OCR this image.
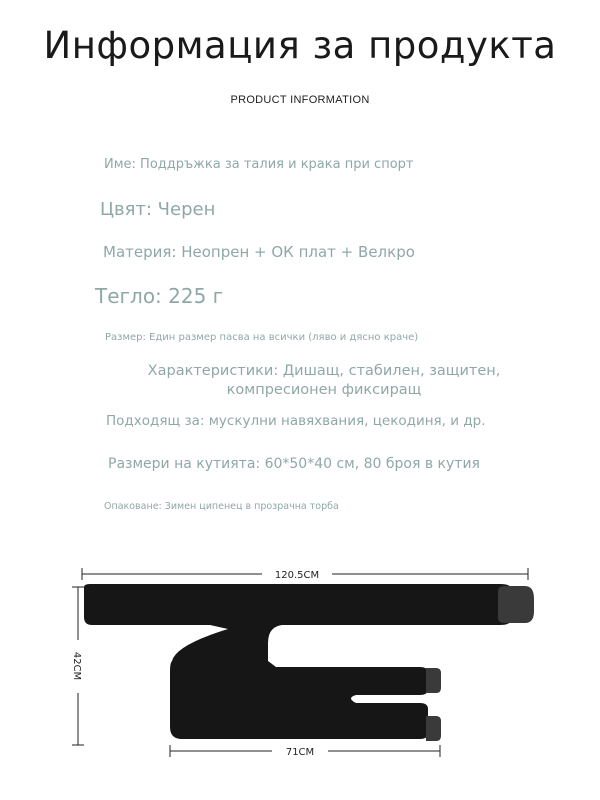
Информация за продукта
PRODUCT INFORMATION
Име: Поддръжка за талия и крака при спорт
Цвят: Черен
Материя: Неопрен + ОК плат + Велкро
Тегло: 225 г
Размер: Един размер пасва на всички (ляво и дясно краче)
Характеристики: Дишащ, стабилен, защитен,
компресионен фиксиращ
Подходящ за: мускулни навяхвания, цекодиня, и др.
Размери на кутията: 60*50*40 см, 80 броя в кутия
Опаковане: Зимен ципенец в прозрачна торба
120.5CM
42CM
71CM
